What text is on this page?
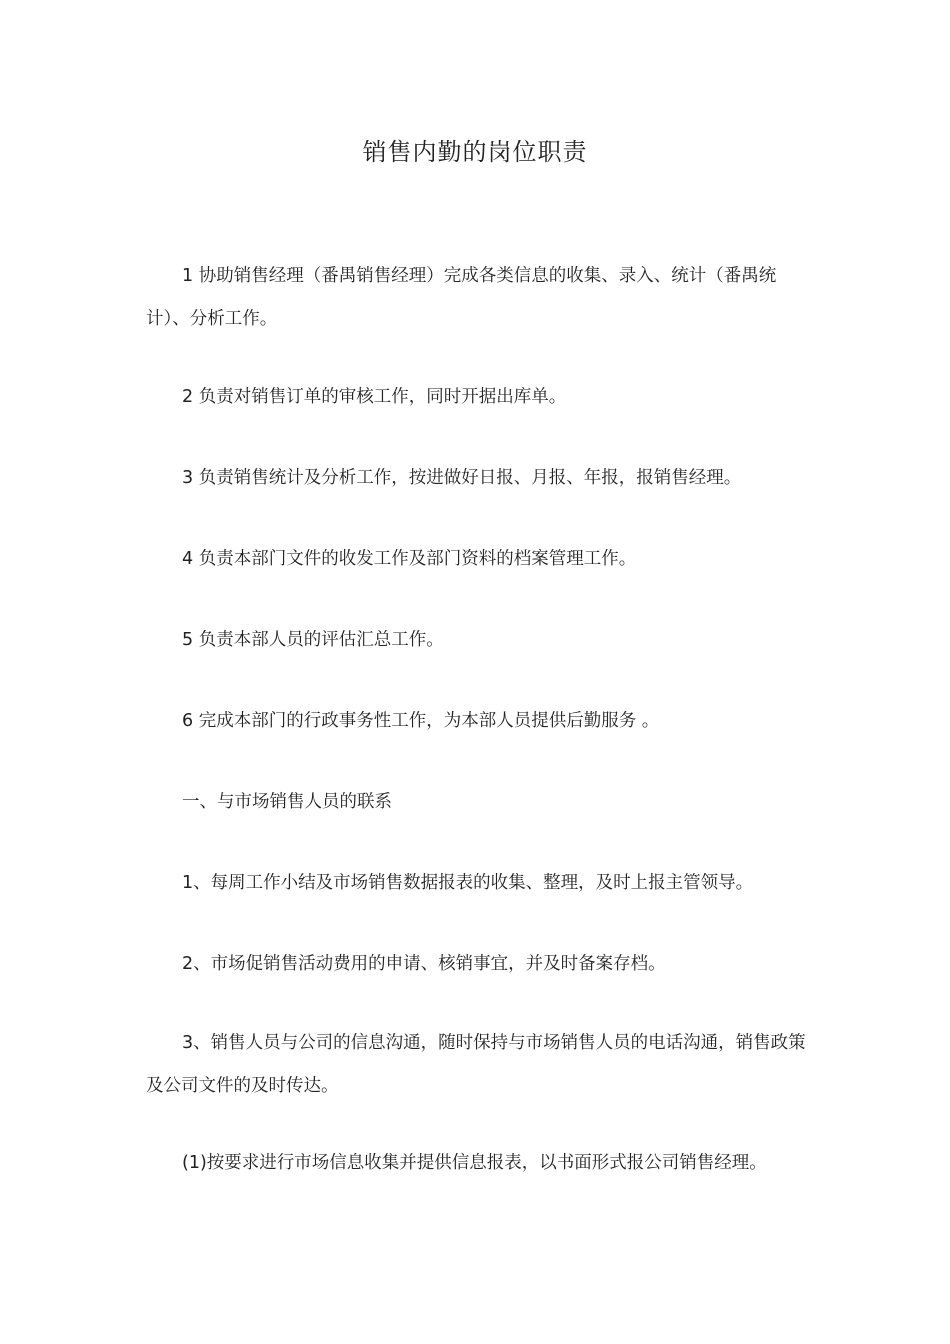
销售内勤的岗位职责

1 协助销售经理（番禺销售经理）完成各类信息的收集、录入、统计（番禺统计）、分析工作。

2 负责对销售订单的审核工作，同时开据出库单。

3 负责销售统计及分析工作，按进做好日报、月报、年报，报销售经理。

4 负责本部门文件的收发工作及部门资料的档案管理工作。

5 负责本部人员的评估汇总工作。

6 完成本部门的行政事务性工作，为本部人员提供后勤服务 。

一、与市场销售人员的联系

1、每周工作小结及市场销售数据报表的收集、整理，及时上报主管领导。

2、市场促销售活动费用的申请、核销事宜，并及时备案存档。

3、销售人员与公司的信息沟通，随时保持与市场销售人员的电话沟通，销售政策及公司文件的及时传达。

(1)按要求进行市场信息收集并提供信息报表，以书面形式报公司销售经理。
